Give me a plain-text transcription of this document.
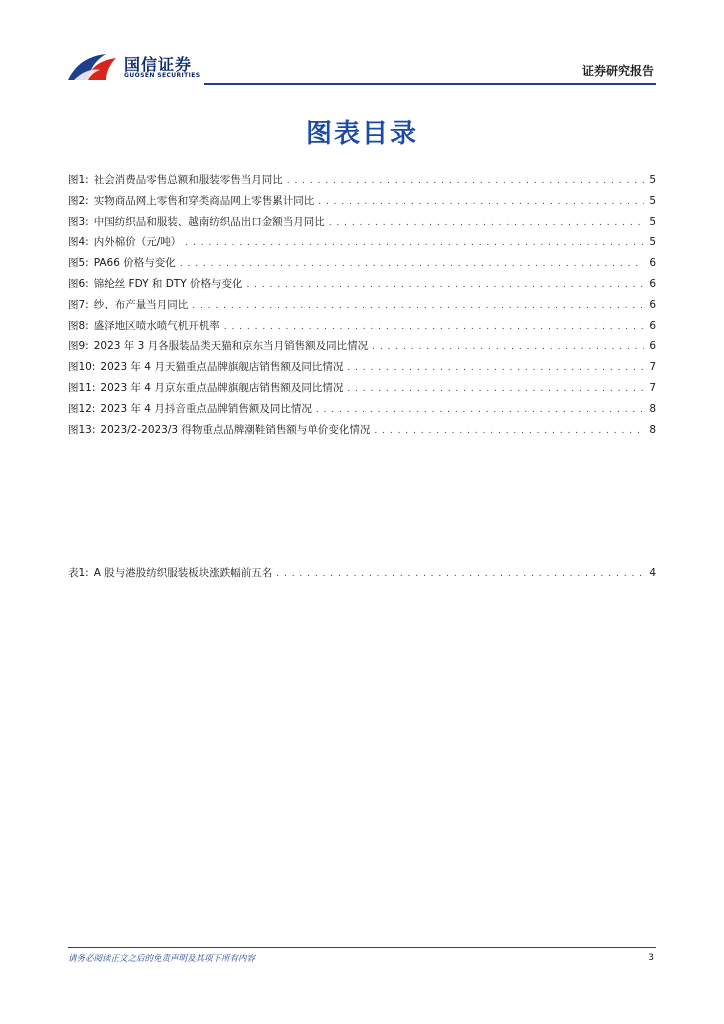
国信证券
GUOSEN SECURITIES	证券研究报告
图表目录
图1: 社会消费品零售总额和服装零售当月同比 . . .	5
图2: 实物商品网上零售和穿类商品网上零售累计同比 . . .	5
图3: 中国纺织品和服装、越南纺织品出口金额当月同比 . . .	5
图4: 内外棉价（元/吨） . . .	5
图5: PA66 价格与变化 . . .	6
图6: 锦纶丝 FDY 和 DTY 价格与变化 . . .	6
图7: 纱、布产量当月同比 . . .	6
图8: 盛泽地区喷水喷气机开机率 . . .	6
图9: 2023 年 3 月各服装品类天猫和京东当月销售额及同比情况 . . .	6
图10: 2023 年 4 月天猫重点品牌旗舰店销售额及同比情况 . . .	7
图11: 2023 年 4 月京东重点品牌旗舰店销售额及同比情况 . . .	7
图12: 2023 年 4 月抖音重点品牌销售额及同比情况 . . .	8
图13: 2023/2-2023/3 得物重点品牌潮鞋销售额与单价变化情况 . . .	8
表1: A 股与港股纺织服装板块涨跌幅前五名 . . .	4
请务必阅读正文之后的免责声明及其项下所有内容	3
